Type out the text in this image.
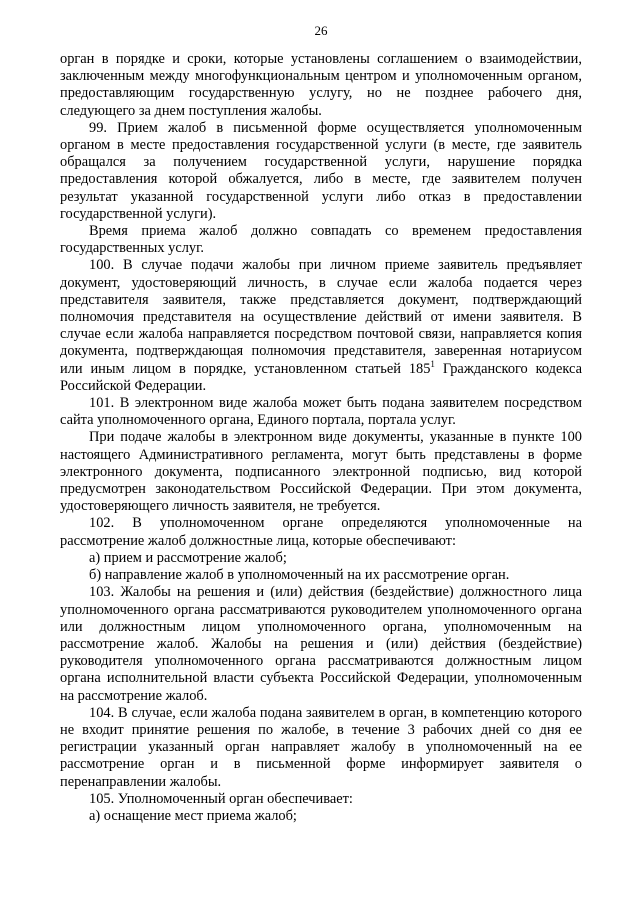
26

орган в порядке и сроки, которые установлены соглашением о взаимодействии, заключенным между многофункциональным центром и уполномоченным органом, предоставляющим государственную услугу, но не позднее рабочего дня, следующего за днем поступления жалобы.

99. Прием жалоб в письменной форме осуществляется уполномоченным органом в месте предоставления государственной услуги (в месте, где заявитель обращался за получением государственной услуги, нарушение порядка предоставления которой обжалуется, либо в месте, где заявителем получен результат указанной государственной услуги либо отказ в предоставлении государственной услуги).

Время приема жалоб должно совпадать со временем предоставления государственных услуг.

100. В случае подачи жалобы при личном приеме заявитель предъявляет документ, удостоверяющий личность, в случае если жалоба подается через представителя заявителя, также представляется документ, подтверждающий полномочия представителя на осуществление действий от имени заявителя. В случае если жалоба направляется посредством почтовой связи, направляется копия документа, подтверждающая полномочия представителя, заверенная нотариусом или иным лицом в порядке, установленном статьей $185^1$ Гражданского кодекса Российской Федерации.

101. В электронном виде жалоба может быть подана заявителем посредством сайта уполномоченного органа, Единого портала, портала услуг.

При подаче жалобы в электронном виде документы, указанные в пункте 100 настоящего Административного регламента, могут быть представлены в форме электронного документа, подписанного электронной подписью, вид которой предусмотрен законодательством Российской Федерации. При этом документа, удостоверяющего личность заявителя, не требуется.

102. В уполномоченном органе определяются уполномоченные на рассмотрение жалоб должностные лица, которые обеспечивают:

а) прием и рассмотрение жалоб;

б) направление жалоб в уполномоченный на их рассмотрение орган.

103. Жалобы на решения и (или) действия (бездействие) должностного лица уполномоченного органа рассматриваются руководителем уполномоченного органа или должностным лицом уполномоченного органа, уполномоченным на рассмотрение жалоб. Жалобы на решения и (или) действия (бездействие) руководителя уполномоченного органа рассматриваются должностным лицом органа исполнительной власти субъекта Российской Федерации, уполномоченным на рассмотрение жалоб.

104. В случае, если жалоба подана заявителем в орган, в компетенцию которого не входит принятие решения по жалобе, в течение 3 рабочих дней со дня ее регистрации указанный орган направляет жалобу в уполномоченный на ее рассмотрение орган и в письменной форме информирует заявителя о перенаправлении жалобы.

105. Уполномоченный орган обеспечивает:

а) оснащение мест приема жалоб;
